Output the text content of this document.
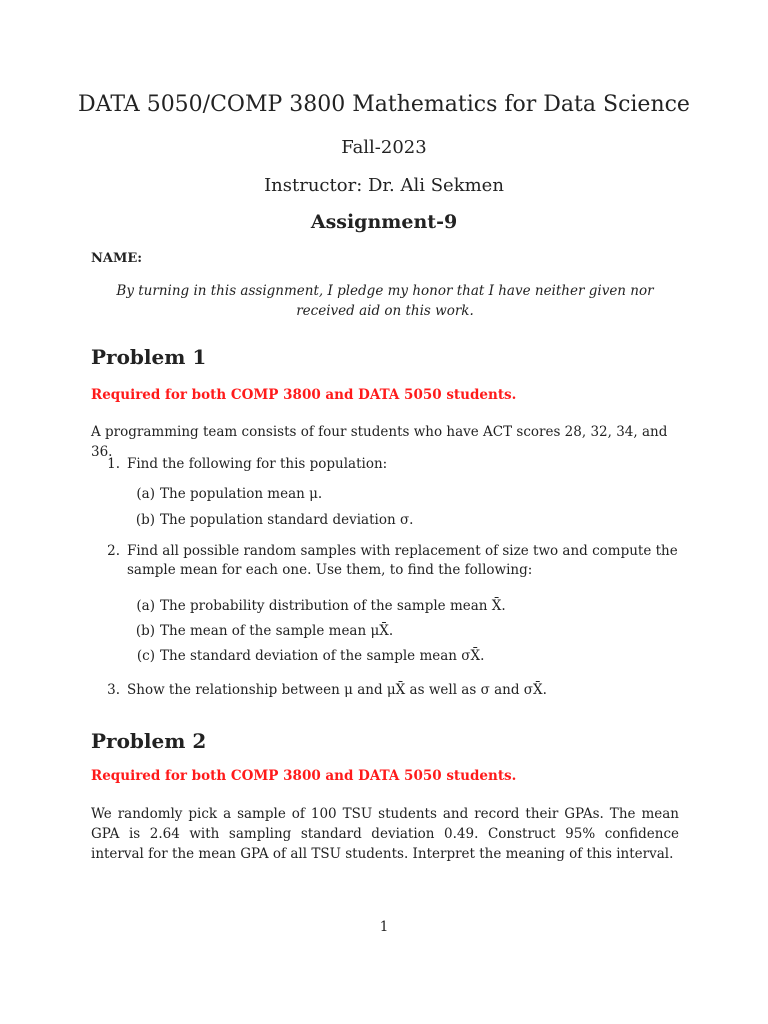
DATA 5050/COMP 3800 Mathematics for Data Science
Fall-2023
Instructor: Dr. Ali Sekmen
Assignment-9
NAME:
By turning in this assignment, I pledge my honor that I have neither given nor received aid on this work.
Problem 1
Required for both COMP 3800 and DATA 5050 students.
A programming team consists of four students who have ACT scores 28, 32, 34, and 36.
1. Find the following for this population:
(a) The population mean μ.
(b) The population standard deviation σ.
2. Find all possible random samples with replacement of size two and compute the sample mean for each one. Use them, to find the following:
(a) The probability distribution of the sample mean X̄.
(b) The mean of the sample mean μX̄.
(c) The standard deviation of the sample mean σX̄.
3. Show the relationship between μ and μX̄ as well as σ and σX̄.
Problem 2
Required for both COMP 3800 and DATA 5050 students.
We randomly pick a sample of 100 TSU students and record their GPAs. The mean GPA is 2.64 with sampling standard deviation 0.49. Construct 95% confidence interval for the mean GPA of all TSU students. Interpret the meaning of this interval.
1
